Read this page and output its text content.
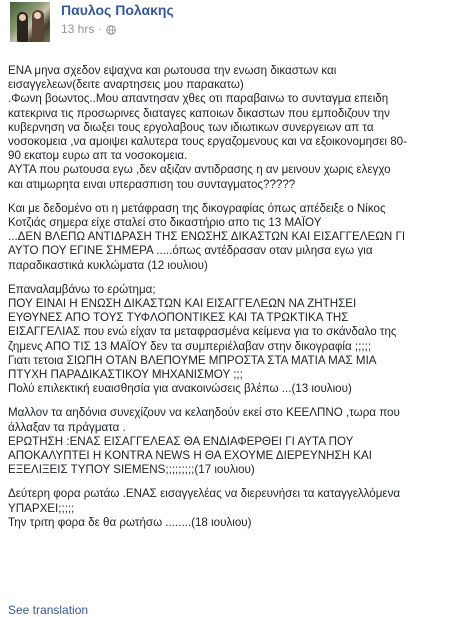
Παυλος Πολακης
13 hrs ·

ΕΝΑ μηνα σχεδον εψαχνα και ρωτουσα την ενωση δικαστων και
εισαγγελεων(δειτε αναρτησεις μου παρακατω)
.Φωνη βοωντος..Μου απαντησαν χθες οτι παραβαινω το συνταγμα επειδη
κατεκρινα τις προσωρινες διαταγες καποιων δικαστων που εμποδιζουν την
κυβερνηση να διωξει τους εργολαβους των ιδιωτικων συνεργειων απ τα
νοσοκομεια ,να αμοιψει καλυτερα τους εργαζομενους και να εξοικονομησει 80-
90 εκατομ ευρω απ τα νοσοκομεια.
ΑΥΤΑ που ρωτουσα εγω ,δεν αξιζαν αντιδρασης η αν μεινουν χωρις ελεγχο
και ατιμωρητα ειναι υπερασπιση του συνταγματος?????

Και με δεδομένο οτι η μετάφραση της δικογραφίας όπως απέδειξε ο Νίκος
Κοτζιάς σημερα είχε σταλεί στο δικαστήριο απο τις 13 ΜΑΪΟΥ
...ΔΕΝ ΒΛΕΠΩ ΑΝΤΙΔΡΑΣΗ ΤΗΣ ΕΝΩΣΗΣ ΔΙΚΑΣΤΩΝ ΚΑΙ ΕΙΣΑΓΓΕΛΕΩΝ ΓΙ
ΑΥΤΟ ΠΟΥ ΕΓΙΝΕ ΣΗΜΕΡΑ .....όπως αντέδρασαν οταν μιλησα εγω για
παραδικαστικά κυκλώματα (12 ιουλιου)

Επαναλαμβάνω το ερώτημα;
ΠΟΥ ΕΙΝΑΙ Η ΕΝΩΣΗ ΔΙΚΑΣΤΩΝ ΚΑΙ ΕΙΣΑΓΓΕΛΕΩΝ ΝΑ ΖΗΤΗΣΕΙ
ΕΥΘΥΝΕΣ ΑΠΟ ΤΟΥΣ ΤΥΦΛΟΠΟΝΤΙΚΕΣ ΚΑΙ ΤΑ ΤΡΩΚΤΙΚΑ ΤΗΣ
ΕΙΣΑΓΓΕΛΙΑΣ που ενώ είχαν τα μεταφρασμένα κείμενα για το σκάνδαλο της
ζημενς ΑΠΟ ΤΙΣ 13 ΜΑΪΟΥ δεν τα συμπεριέλαβαν στην δικογραφία ;;;;;
Γιατι τετοια ΣΙΩΠΗ ΟΤΑΝ ΒΛΕΠΟΥΜΕ ΜΠΡΟΣΤΑ ΣΤΑ ΜΑΤΙΑ ΜΑΣ ΜΙΑ
ΠΤΥΧΗ ΠΑΡΑΔΙΚΑΣΤΙΚΟΥ ΜΗΧΑΝΙΣΜΟΥ ;;;
Πολύ επιλεκτική ευαισθησία για ανακοινώσεις βλέπω ...(13 ιουλιου)

Μαλλον τα αηδόνια συνεχίζουν να κελαηδούν εκεί στο ΚΕΕΛΠΝΟ ,τωρα που
άλλαξαν τα πράγματα .
ΕΡΩΤΗΣΗ :ΕΝΑΣ ΕΙΣΑΓΓΕΛΕΑΣ ΘΑ ΕΝΔΙΑΦΕΡΘΕΙ ΓΙ ΑΥΤΑ ΠΟΥ
ΑΠΟΚΑΛΥΠΤΕΙ Η KONTRA NEWS Η ΘΑ ΕΧΟΥΜΕ ΔΙΕΡΕΥΝΗΣΗ ΚΑΙ
ΕΞΕΛΙΞΕΙΣ ΤΥΠΟΥ SIEMENS;;;;;;;;;(17 ιουλιου)

Δεύτερη φορα ρωτάω .ΕΝΑΣ εισαγγελέας να διερευνήσει τα καταγγελλόμενα
ΥΠΑΡΧΕΙ;;;;;
Την τριτη φορα δε θα ρωτήσω ........(18 ιουλιου)

See translation
